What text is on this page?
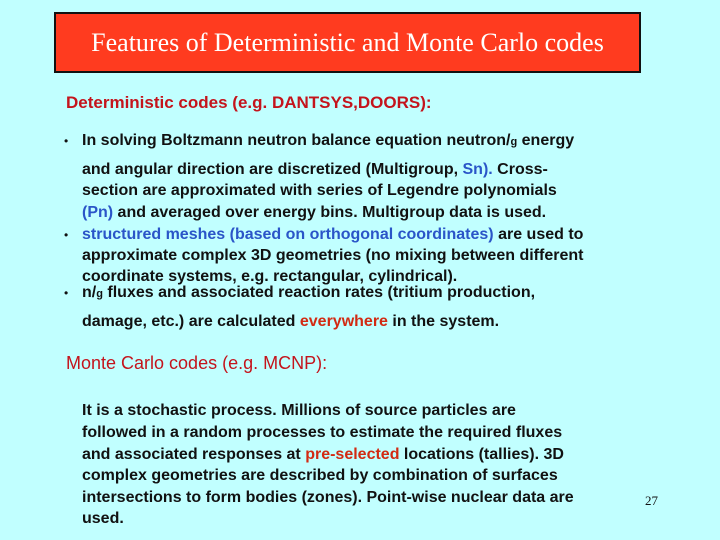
Features of Deterministic and Monte Carlo codes
Deterministic codes (e.g. DANTSYS,DOORS):
• In solving Boltzmann neutron balance equation neutron/g energy
and angular direction are discretized (Multigroup, Sn). Cross-
section are approximated with series of Legendre polynomials
(Pn) and averaged over energy bins. Multigroup data is used.
• structured meshes (based on orthogonal coordinates) are used to
approximate complex 3D geometries (no mixing between different
coordinate systems, e.g. rectangular, cylindrical).
• n/g fluxes and associated reaction rates (tritium production,
damage, etc.) are calculated everywhere in the system.
Monte Carlo codes (e.g. MCNP):
It is a stochastic process. Millions of source particles are
followed in a random processes to estimate the required fluxes
and associated responses at pre-selected locations (tallies). 3D
complex geometries are described by combination of surfaces
intersections to form bodies (zones). Point-wise nuclear data are
used.
27
